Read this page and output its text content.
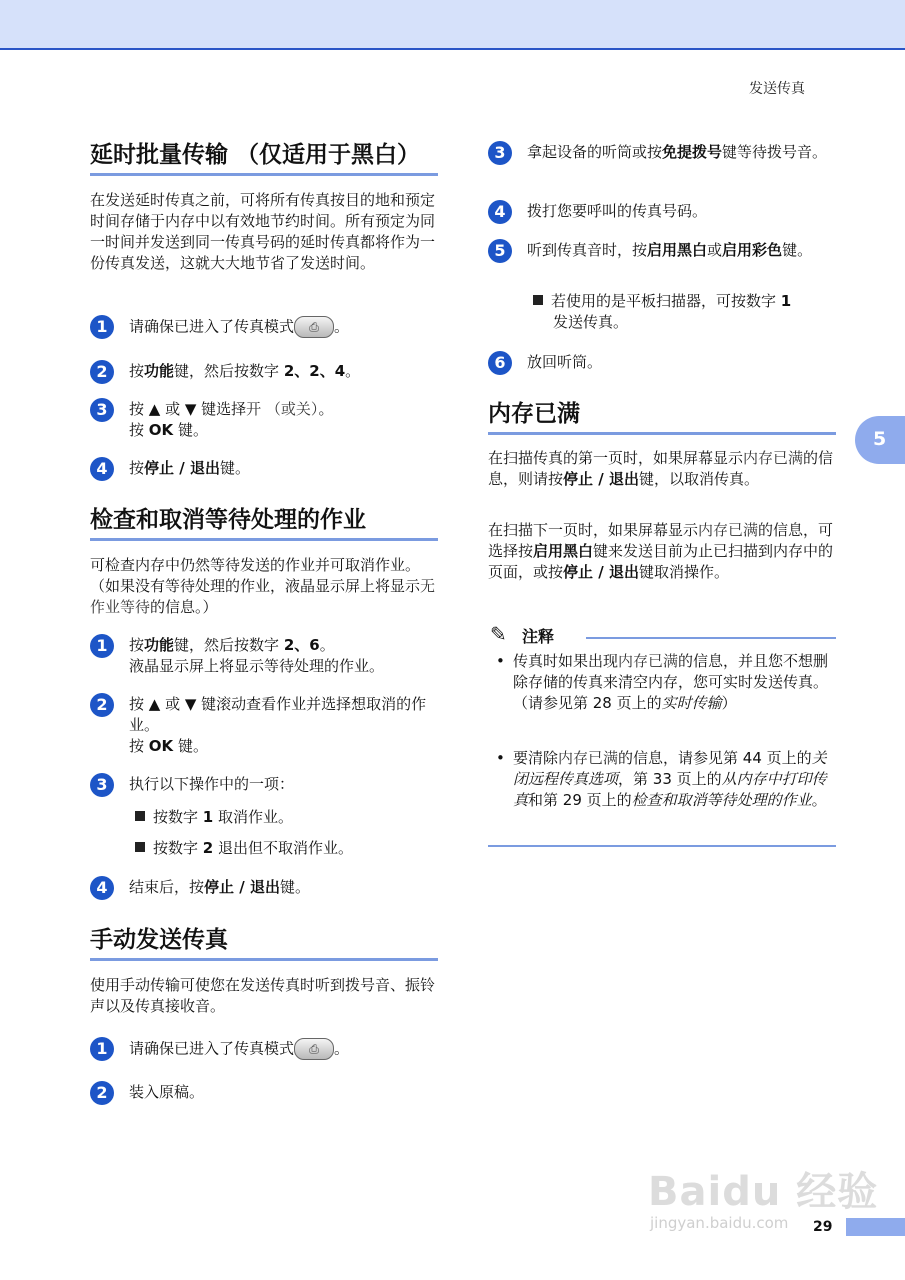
发送传真
5
延时批量传输 （仅适用于黑白）
在发送延时传真之前，可将所有传真按目的地和预定时间存储于内存中以有效地节约时间。所有预定为同一时间并发送到同一传真号码的延时传真都将作为一份传真发送，这就大大地节省了发送时间。
1	请确保已进入了传真模式 ⎙ 。
2	按功能键，然后按数字 2、2、4。
3	按 ▲ 或 ▼ 键选择开 （或关）。
按 OK 键。
4	按停止 / 退出键。
检查和取消等待处理的作业
可检查内存中仍然等待发送的作业并可取消作业。（如果没有等待处理的作业，液晶显示屏上将显示无作业等待的信息。）
1	按功能键，然后按数字 2、6。
液晶显示屏上将显示等待处理的作业。
2	按 ▲ 或 ▼ 键滚动查看作业并选择想取消的作业。
按 OK 键。
3	执行以下操作中的一项：
按数字 1 取消作业。
按数字 2 退出但不取消作业。
4	结束后，按停止 / 退出键。
手动发送传真
使用手动传输可使您在发送传真时听到拨号音、振铃声以及传真接收音。
1	请确保已进入了传真模式 ⎙ 。
2	装入原稿。
3	拿起设备的听筒或按免提拨号键等待拨号音。
4	拨打您要呼叫的传真号码。
5	听到传真音时，按启用黑白或启用彩色键。
若使用的是平板扫描器，可按数字 1
发送传真。
6	放回听筒。
内存已满
在扫描传真的第一页时，如果屏幕显示内存已满的信息，则请按停止 / 退出键，以取消传真。
在扫描下一页时，如果屏幕显示内存已满的信息，可选择按启用黑白键来发送目前为止已扫描到内存中的页面，或按停止 / 退出键取消操作。
✎ 注释
• 传真时如果出现内存已满的信息，并且您不想删除存储的传真来清空内存，您可实时发送传真。（请参见第 28 页上的实时传输）
• 要清除内存已满的信息，请参见第 44 页上的关闭远程传真选项，第 33 页上的从内存中打印传真和第 29 页上的检查和取消等待处理的作业。
Baidu 经验
jingyan.baidu.com 29
